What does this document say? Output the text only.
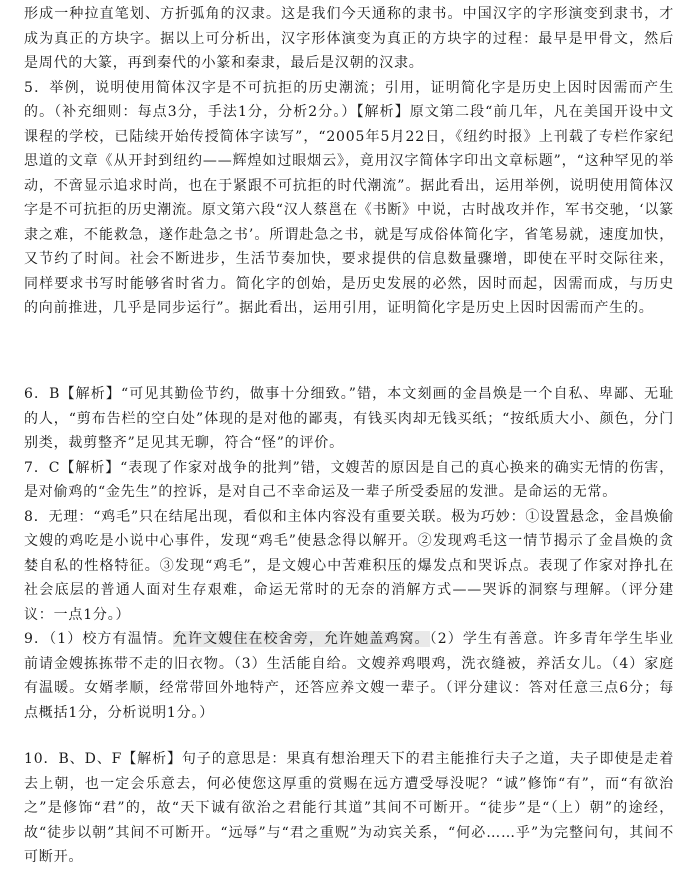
形成一种拉直笔划、方折弧角的汉隶。这是我们今天通称的隶书。中国汉字的字形演变到隶书，才成为真正的方块字。据以上可分析出，汉字形体演变为真正的方块字的过程：最早是甲骨文，然后是周代的大篆，再到秦代的小篆和秦隶，最后是汉朝的汉隶。
5．举例，说明使用简体汉字是不可抗拒的历史潮流；引用，证明简化字是历史上因时因需而产生的。（补充细则：每点3分，手法1分，分析2分。）【解析】原文第二段“前几年，凡在美国开设中文课程的学校，已陆续开始传授简体字读写”，“2005年5月22日，《纽约时报》上刊载了专栏作家纪思道的文章《从开封到纽约——辉煌如过眼烟云》，竟用汉字简体字印出文章标题”，“这种罕见的举动，不啻显示追求时尚，也在于紧跟不可抗拒的时代潮流”。据此看出，运用举例，说明使用简体汉字是不可抗拒的历史潮流。原文第六段“汉人蔡邕在《书断》中说，古时战攻并作，军书交驰，‘以篆隶之难，不能救急，遂作赴急之书’。所谓赴急之书，就是写成俗体简化字，省笔易就，速度加快，又节约了时间。社会不断进步，生活节奏加快，要求提供的信息数量骤增，即使在平时交际往来，同样要求书写时能够省时省力。简化字的创始，是历史发展的必然，因时而起，因需而成，与历史的向前推进，几乎是同步运行”。据此看出，运用引用，证明简化字是历史上因时因需而产生的。
6．B【解析】“可见其勤俭节约，做事十分细致。”错，本文刻画的金昌焕是一个自私、卑鄙、无耻的人，“剪布告栏的空白处”体现的是对他的鄙夷，有钱买肉却无钱买纸；“按纸质大小、颜色，分门别类，裁剪整齐”足见其无聊，符合“怪”的评价。
7．C【解析】“表现了作家对战争的批判”错，文嫂苦的原因是自己的真心换来的确实无情的伤害，是对偷鸡的“金先生”的控诉，是对自己不幸命运及一辈子所受委屈的发泄。是命运的无常。
8．无理：“鸡毛”只在结尾出现，看似和主体内容没有重要关联。极为巧妙：①设置悬念，金昌焕偷文嫂的鸡吃是小说中心事件，发现“鸡毛”使悬念得以解开。②发现鸡毛这一情节揭示了金昌焕的贪婪自私的性格特征。③发现“鸡毛”，是文嫂心中苦难积压的爆发点和哭诉点。表现了作家对挣扎在社会底层的普通人面对生存艰难，命运无常时的无奈的消解方式——哭诉的洞察与理解。（评分建议：一点1分。）
9．（1）校方有温情。允许文嫂住在校舍旁，允许她盖鸡窝。（2）学生有善意。许多青年学生毕业前请金嫂拣拣带不走的旧衣物。（3）生活能自给。文嫂养鸡喂鸡，洗衣缝被，养活女儿。（4）家庭有温暖。女婿孝顺，经常带回外地特产，还答应养文嫂一辈子。（评分建议：答对任意三点6分；每点概括1分，分析说明1分。）
10．B、D、F【解析】句子的意思是：果真有想治理天下的君主能推行夫子之道，夫子即使是走着去上朝，也一定会乐意去，何必使您这厚重的赏赐在远方遭受辱没呢？“诚”修饰“有”，而“有欲治之”是修饰“君”的，故“天下诚有欲治之君能行其道”其间不可断开。“徒步”是“（上）朝”的途经，故“徒步以朝”其间不可断开。“远辱”与“君之重贶”为动宾关系，“何必……乎”为完整问句，其间不可断开。
